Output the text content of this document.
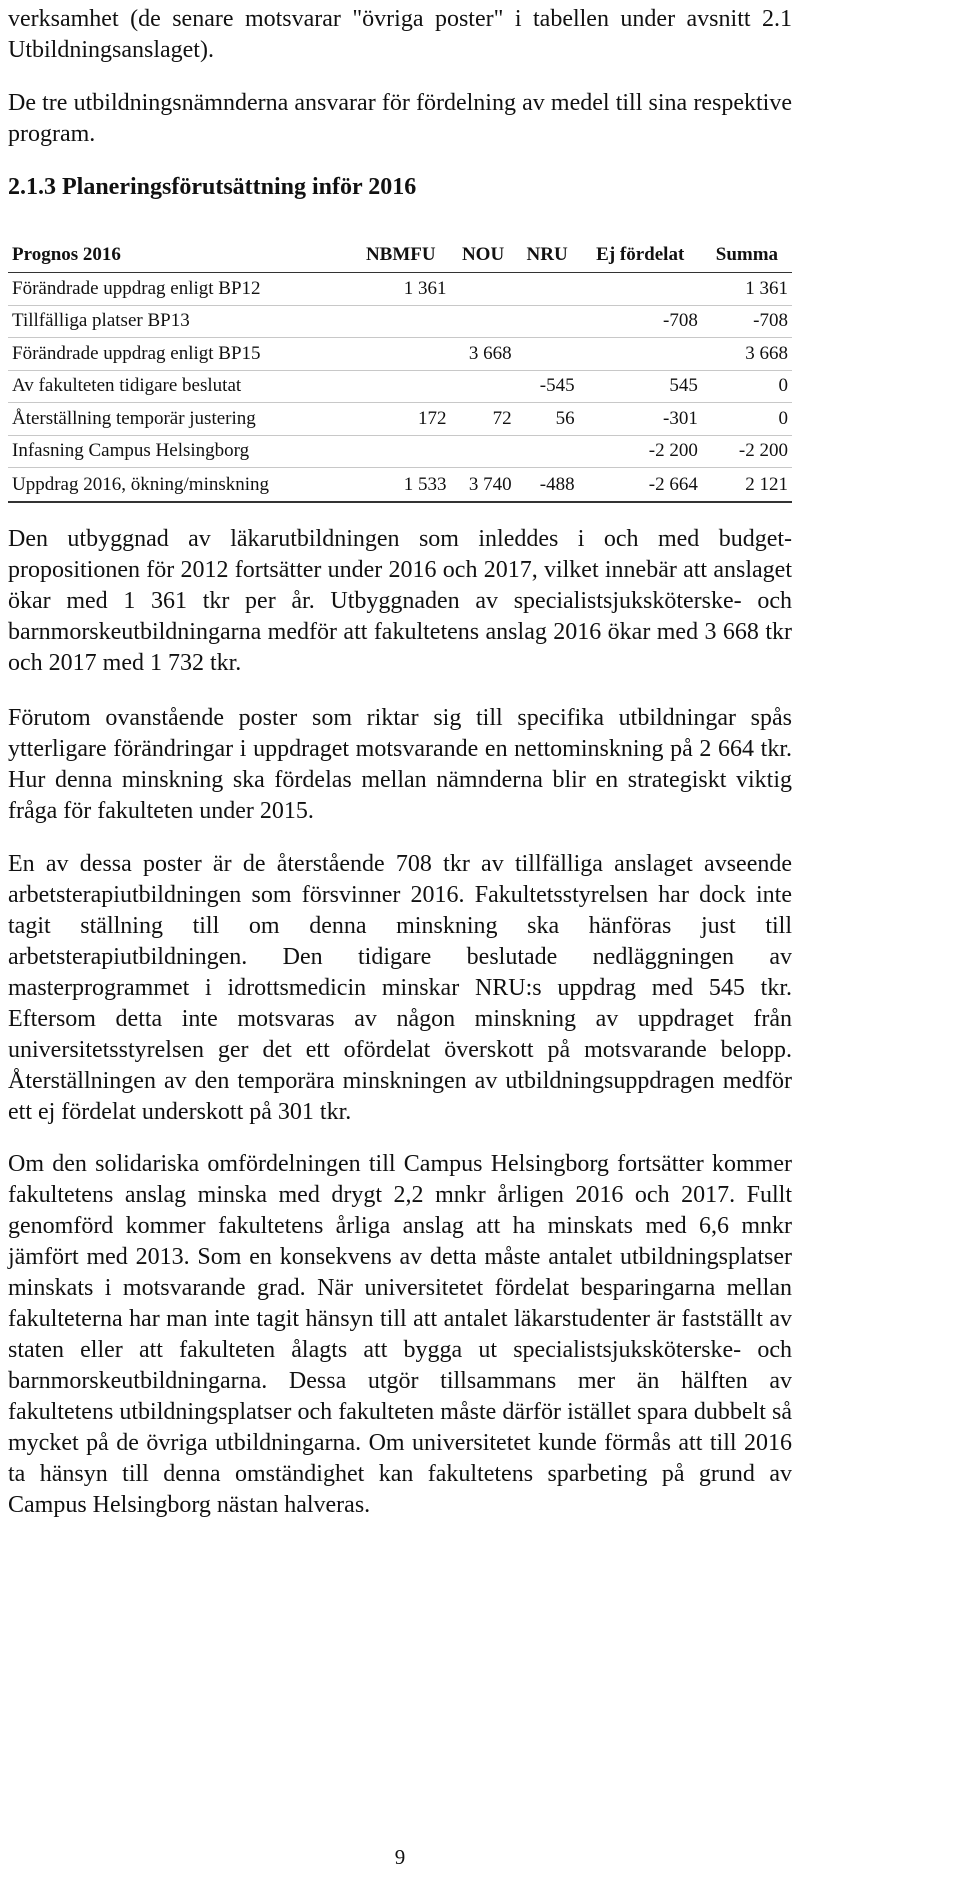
verksamhet (de senare motsvarar "övriga poster" i tabellen under avsnitt 2.1 Utbildningsanslaget).

De tre utbildningsnämnderna ansvarar för fördelning av medel till sina respektive program.

2.1.3 Planeringsförutsättning inför 2016
Prognos 2016	NBMFU	NOU	NRU	Ej fördelat	Summa
Förändrade uppdrag enligt BP12	1 361				1 361
Tillfälliga platser BP13				-708	-708
Förändrade uppdrag enligt BP15		3 668			3 668
Av fakulteten tidigare beslutat			-545	545	0
Återställning temporär justering	172	72	56	-301	0
Infasning Campus Helsingborg				-2 200	-2 200
Uppdrag 2016, ökning/minskning	1 533	3 740	-488	-2 664	2 121

Den utbyggnad av läkarutbildningen som inleddes i och med budget-propositionen för 2012 fortsätter under 2016 och 2017, vilket innebär att anslaget ökar med 1 361 tkr per år. Utbyggnaden av specialistsjuksköterske- och barnmorskeutbildningarna medför att fakultetens anslag 2016 ökar med 3 668 tkr och 2017 med 1 732 tkr.

Förutom ovanstående poster som riktar sig till specifika utbildningar spås ytterligare förändringar i uppdraget motsvarande en nettominskning på 2 664 tkr. Hur denna minskning ska fördelas mellan nämnderna blir en strategiskt viktig fråga för fakulteten under 2015.

En av dessa poster är de återstående 708 tkr av tillfälliga anslaget avseende arbetsterapiutbildningen som försvinner 2016. Fakultetsstyrelsen har dock inte tagit ställning till om denna minskning ska hänföras just till arbetsterapiutbildningen. Den tidigare beslutade nedläggningen av masterprogrammet i idrottsmedicin minskar NRU:s uppdrag med 545 tkr. Eftersom detta inte motsvaras av någon minskning av uppdraget från universitetsstyrelsen ger det ett ofördelat överskott på motsvarande belopp. Återställningen av den temporära minskningen av utbildningsuppdragen medför ett ej fördelat underskott på 301 tkr.

Om den solidariska omfördelningen till Campus Helsingborg fortsätter kommer fakultetens anslag minska med drygt 2,2 mnkr årligen 2016 och 2017. Fullt genomförd kommer fakultetens årliga anslag att ha minskats med 6,6 mnkr jämfört med 2013. Som en konsekvens av detta måste antalet utbildningsplatser minskats i motsvarande grad. När universitetet fördelat besparingarna mellan fakulteterna har man inte tagit hänsyn till att antalet läkarstudenter är fastställt av staten eller att fakulteten ålagts att bygga ut specialistsjuksköterske- och barnmorskeutbildningarna. Dessa utgör tillsammans mer än hälften av fakultetens utbildningsplatser och fakulteten måste därför istället spara dubbelt så mycket på de övriga utbildningarna. Om universitetet kunde förmås att till 2016 ta hänsyn till denna omständighet kan fakultetens sparbeting på grund av Campus Helsingborg nästan halveras.

9
